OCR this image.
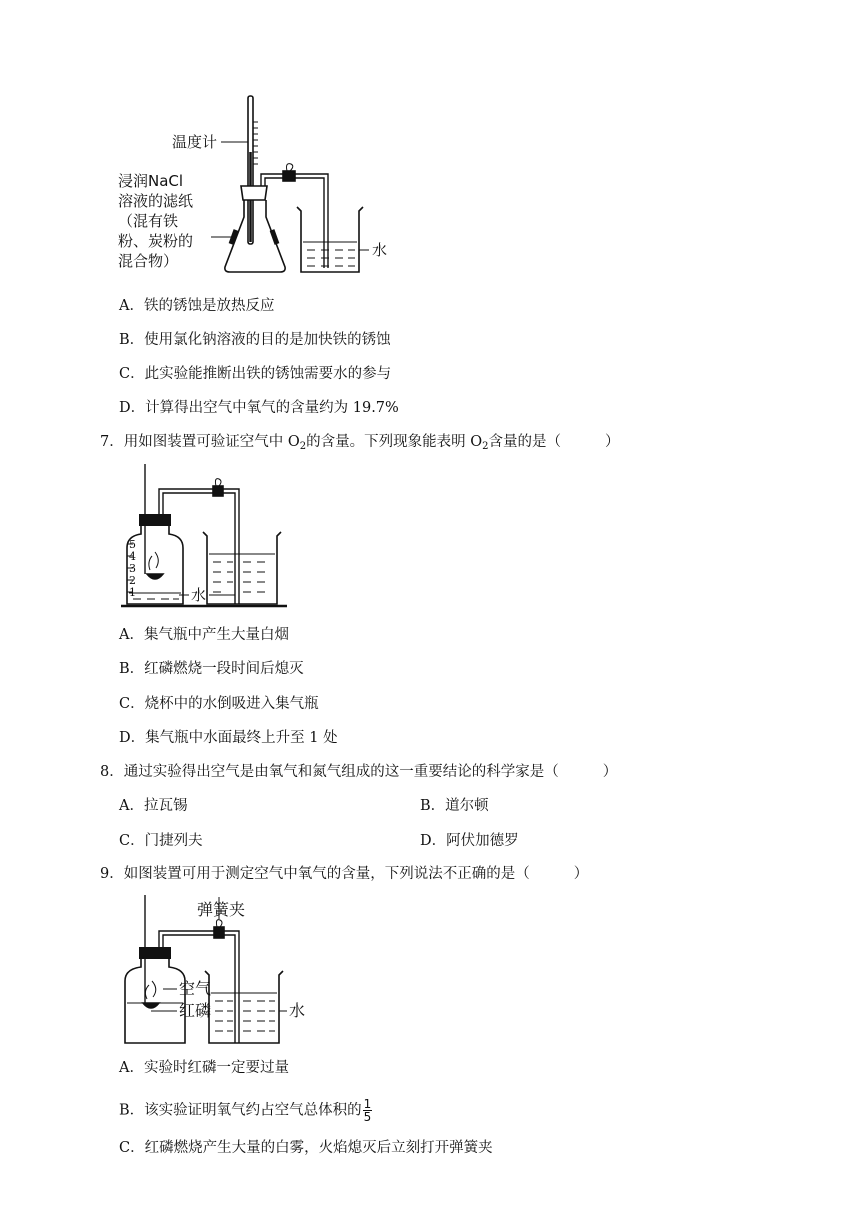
温度计
浸润NaCl
溶液的滤纸
（混有铁
粉、炭粉的
混合物）
水
A．铁的锈蚀是放热反应
B．使用氯化钠溶液的目的是加快铁的锈蚀
C．此实验能推断出铁的锈蚀需要水的参与
D．计算得出空气中氧气的含量约为 19.7%
7．用如图装置可验证空气中 $O_2$的含量。下列现象能表明 $O_2$含量的是（	）
5
4
3
2
1	水
A．集气瓶中产生大量白烟
B．红磷燃烧一段时间后熄灭
C．烧杯中的水倒吸进入集气瓶
D．集气瓶中水面最终上升至 1 处
8．通过实验得出空气是由氧气和氮气组成的这一重要结论的科学家是（	）
A．拉瓦锡	B．道尔顿
C．门捷列夫	D．阿伏加德罗
9．如图装置可用于测定空气中氧气的含量，下列说法不正确的是（	）
弹簧夹
空气
红磷	水
A．实验时红磷一定要过量
B．该实验证明氧气约占空气总体积的 $\frac{1}{5}$
C．红磷燃烧产生大量的白雾，火焰熄灭后立刻打开弹簧夹
